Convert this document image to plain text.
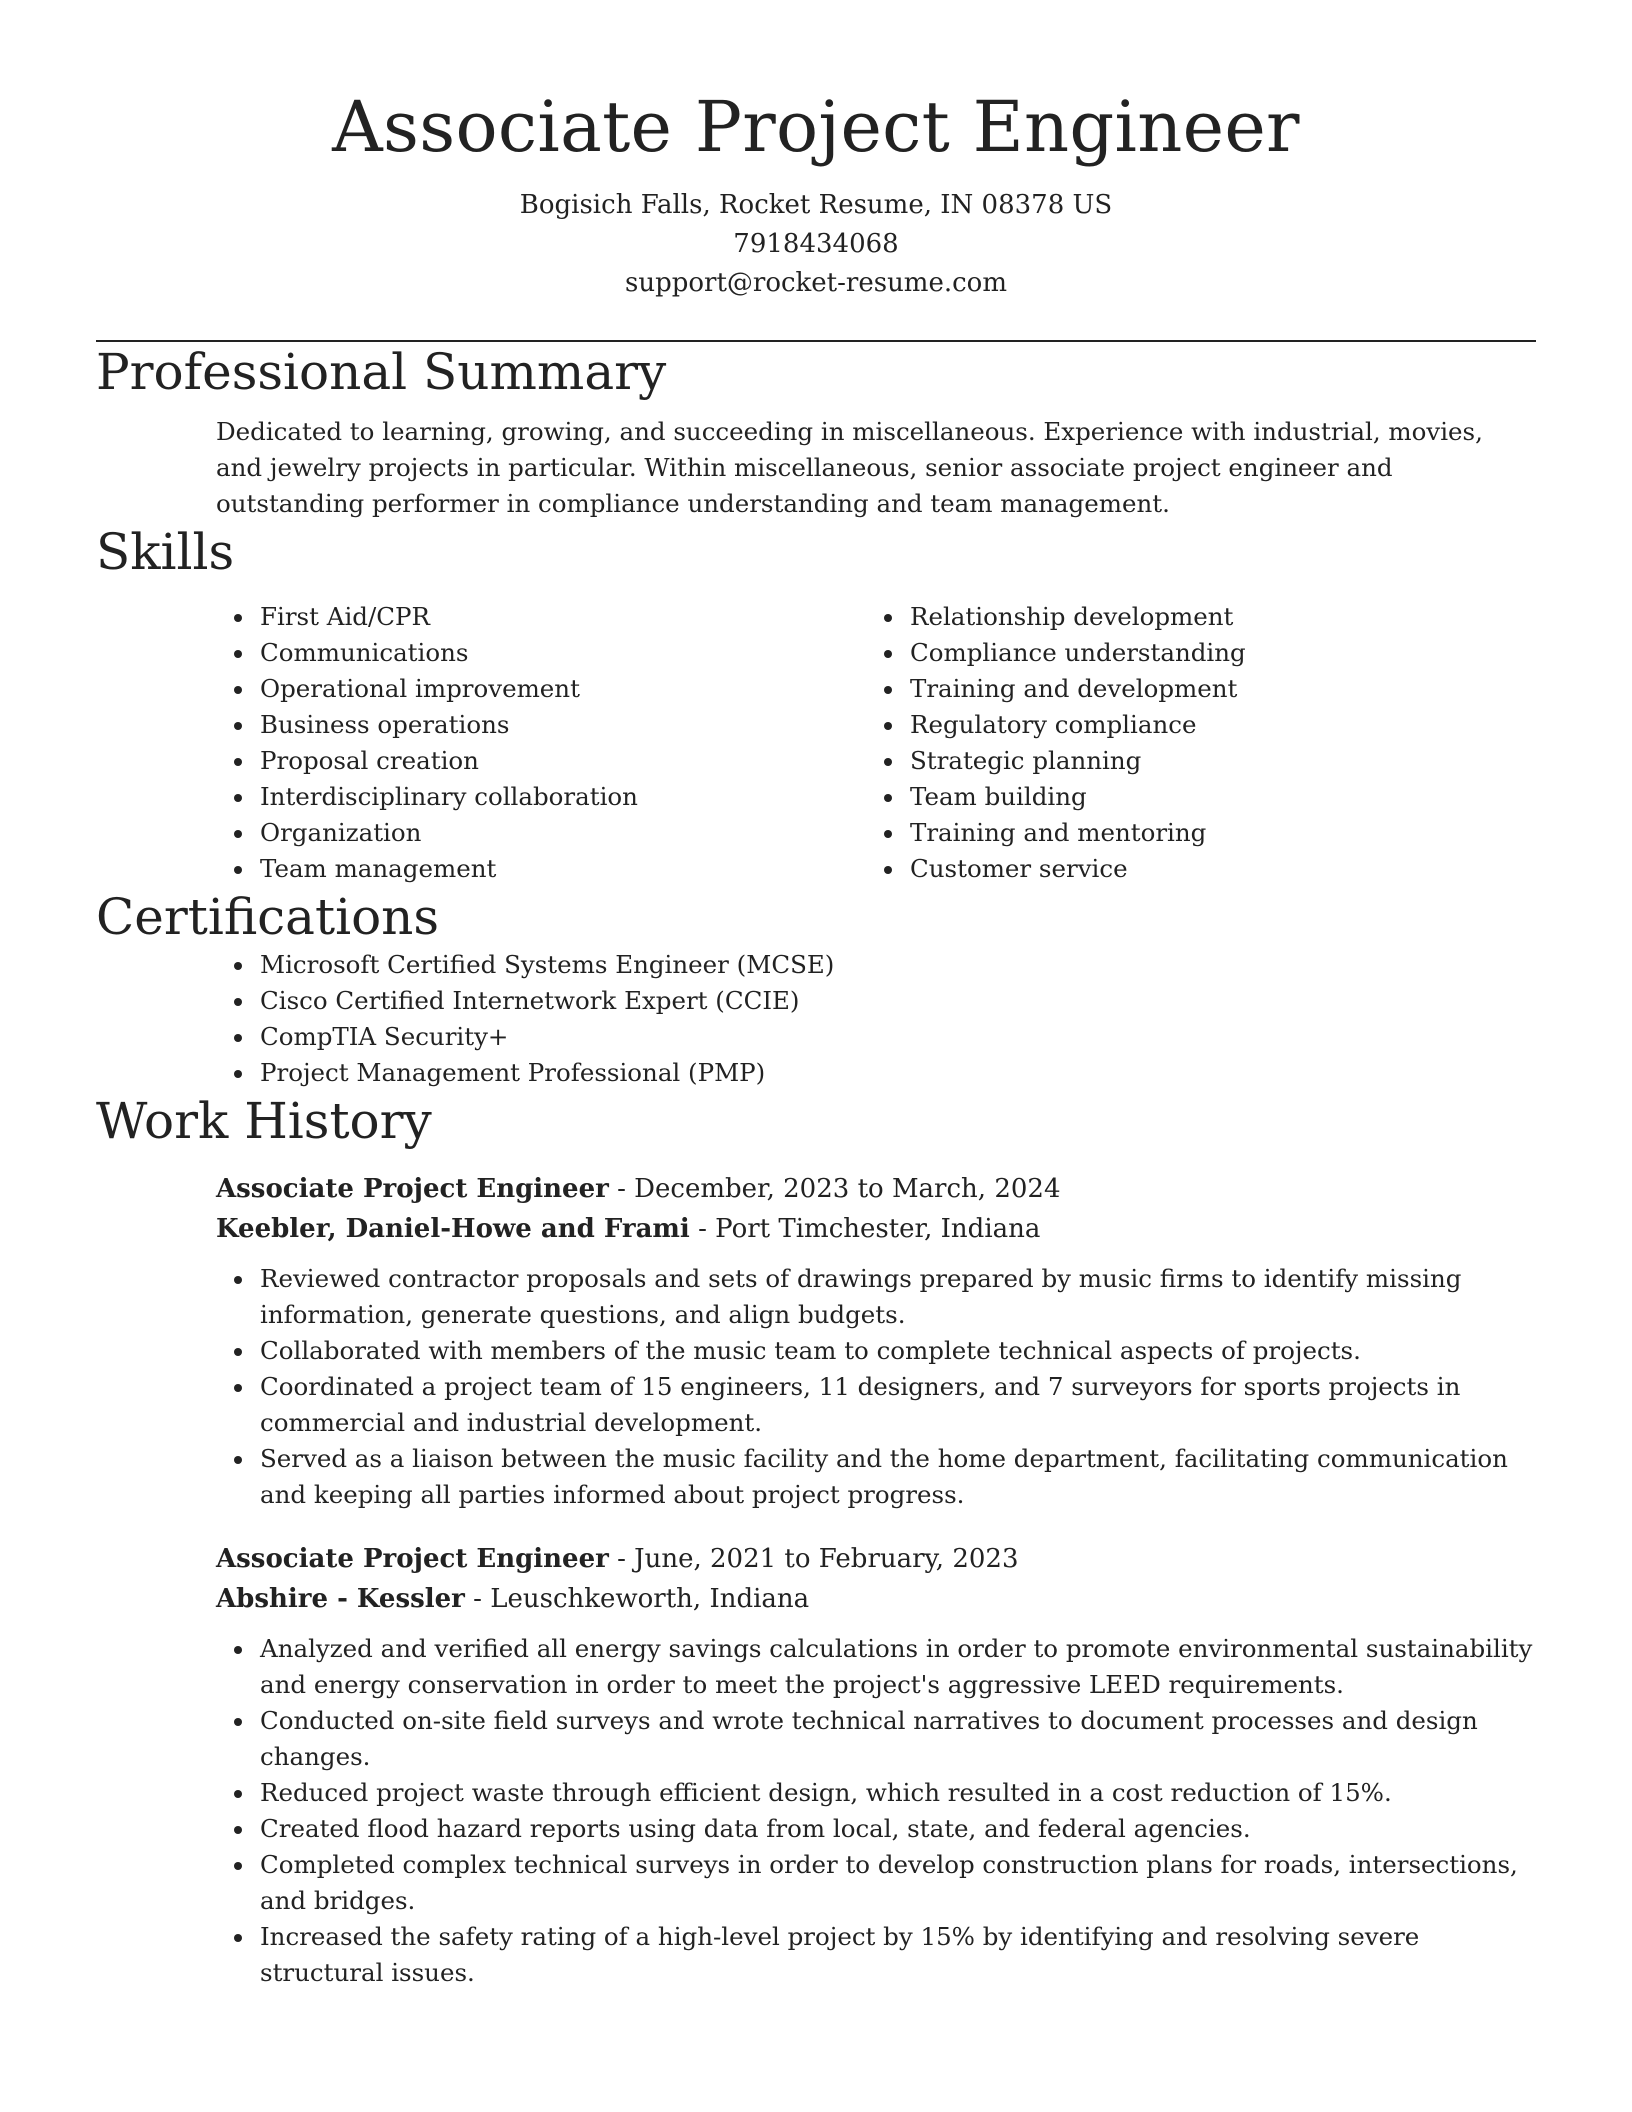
Associate Project Engineer
Bogisich Falls, Rocket Resume, IN 08378 US
7918434068
support@rocket-resume.com
Professional Summary
Dedicated to learning, growing, and succeeding in miscellaneous. Experience with industrial, movies, and jewelry projects in particular. Within miscellaneous, senior associate project engineer and outstanding performer in compliance understanding and team management.
Skills
First Aid/CPR
Communications
Operational improvement
Business operations
Proposal creation
Interdisciplinary collaboration
Organization
Team management
Relationship development
Compliance understanding
Training and development
Regulatory compliance
Strategic planning
Team building
Training and mentoring
Customer service
Certifications
Microsoft Certified Systems Engineer (MCSE)
Cisco Certified Internetwork Expert (CCIE)
CompTIA Security+
Project Management Professional (PMP)
Work History
Associate Project Engineer - December, 2023 to March, 2024
Keebler, Daniel-Howe and Frami - Port Timchester, Indiana
Reviewed contractor proposals and sets of drawings prepared by music firms to identify missing information, generate questions, and align budgets.
Collaborated with members of the music team to complete technical aspects of projects.
Coordinated a project team of 15 engineers, 11 designers, and 7 surveyors for sports projects in commercial and industrial development.
Served as a liaison between the music facility and the home department, facilitating communication and keeping all parties informed about project progress.
Associate Project Engineer - June, 2021 to February, 2023
Abshire - Kessler - Leuschkeworth, Indiana
Analyzed and verified all energy savings calculations in order to promote environmental sustainability and energy conservation in order to meet the project's aggressive LEED requirements.
Conducted on-site field surveys and wrote technical narratives to document processes and design changes.
Reduced project waste through efficient design, which resulted in a cost reduction of 15%.
Created flood hazard reports using data from local, state, and federal agencies.
Completed complex technical surveys in order to develop construction plans for roads, intersections, and bridges.
Increased the safety rating of a high-level project by 15% by identifying and resolving severe structural issues.
